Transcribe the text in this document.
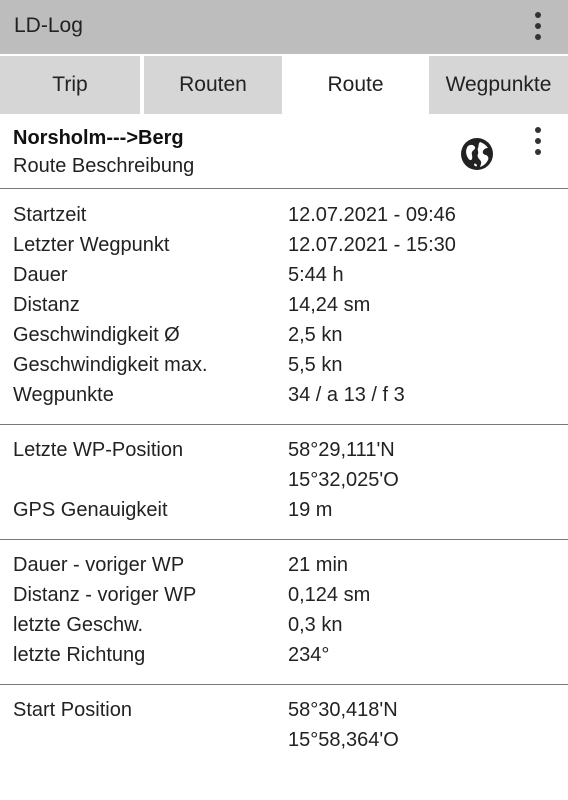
LD-Log
Trip	Routen	Route	Wegpunkte
Norsholm--->Berg
Route Beschreibung
Startzeit	12.07.2021 - 09:46
Letzter Wegpunkt	12.07.2021 - 15:30
Dauer	5:44 h
Distanz	14,24 sm
Geschwindigkeit Ø	2,5 kn
Geschwindigkeit max.	5,5 kn
Wegpunkte	34 / a 13 / f 3
Letzte WP-Position	58°29,111'N
15°32,025'O
GPS Genauigkeit	19 m
Dauer - voriger WP	21 min
Distanz - voriger WP	0,124 sm
letzte Geschw.	0,3 kn
letzte Richtung	234°
Start Position	58°30,418'N
15°58,364'O
